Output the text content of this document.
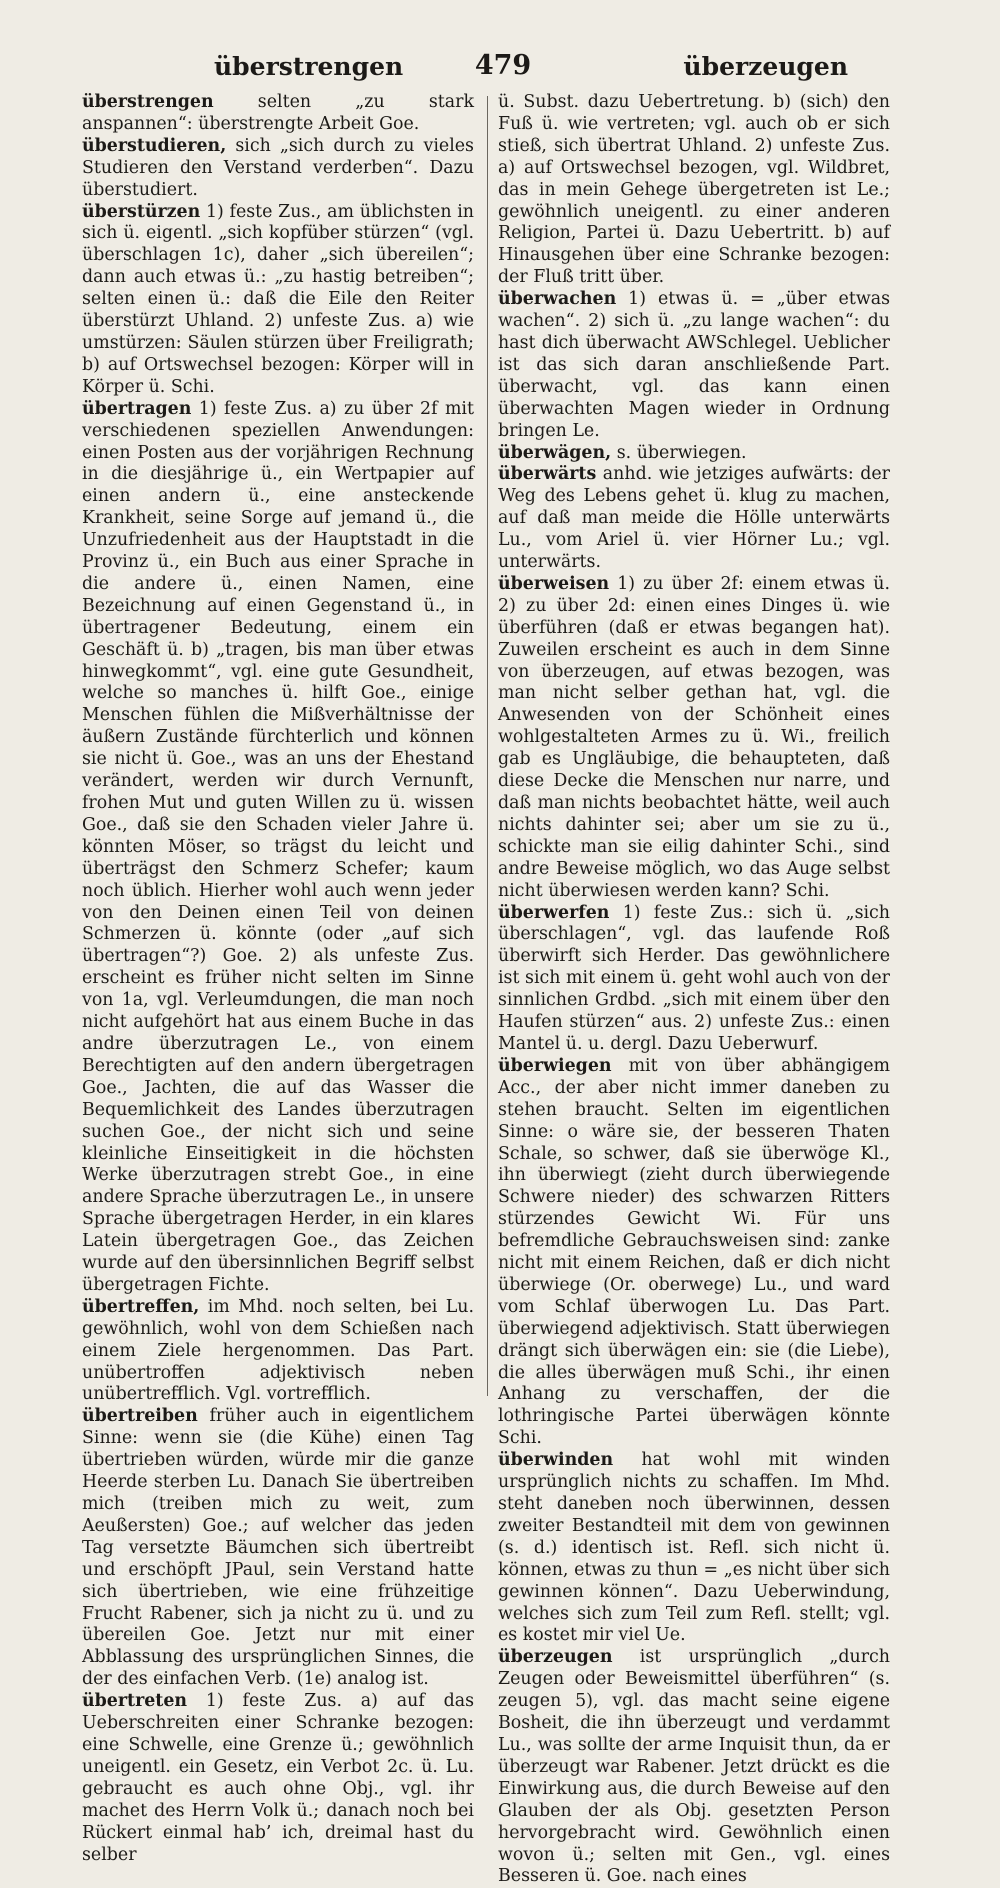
überstrengen	479	überzeugen

überstrengen selten „zu stark anspannen“: überstrengte Arbeit Goe.

überstudieren, sich „sich durch zu vieles Studieren den Verstand verderben“. Dazu überstudiert.

überstürzen 1) feste Zus., am üblichsten in sich ü. eigentl. „sich kopfüber stürzen“ (vgl. überschlagen 1c), daher „sich übereilen“; dann auch etwas ü.: „zu hastig betreiben“; selten einen ü.: daß die Eile den Reiter überstürzt Uhland. 2) unfeste Zus. a) wie umstürzen: Säulen stürzen über Freiligrath; b) auf Ortswechsel bezogen: Körper will in Körper ü. Schi.

übertragen 1) feste Zus. a) zu über 2f mit verschiedenen speziellen Anwendungen: einen Posten aus der vorjährigen Rechnung in die diesjährige ü., ein Wertpapier auf einen andern ü., eine ansteckende Krankheit, seine Sorge auf jemand ü., die Unzufriedenheit aus der Hauptstadt in die Provinz ü., ein Buch aus einer Sprache in die andere ü., einen Namen, eine Bezeichnung auf einen Gegenstand ü., in übertragener Bedeutung, einem ein Geschäft ü. b) „tragen, bis man über etwas hinwegkommt“, vgl. eine gute Gesundheit, welche so manches ü. hilft Goe., einige Menschen fühlen die Mißverhältnisse der äußern Zustände fürchterlich und können sie nicht ü. Goe., was an uns der Ehestand verändert, werden wir durch Vernunft, frohen Mut und guten Willen zu ü. wissen Goe., daß sie den Schaden vieler Jahre ü. könnten Möser, so trägst du leicht und überträgst den Schmerz Schefer; kaum noch üblich. Hierher wohl auch wenn jeder von den Deinen einen Teil von deinen Schmerzen ü. könnte (oder „auf sich übertragen“?) Goe. 2) als unfeste Zus. erscheint es früher nicht selten im Sinne von 1a, vgl. Verleumdungen, die man noch nicht aufgehört hat aus einem Buche in das andre überzutragen Le., von einem Berechtigten auf den andern übergetragen Goe., Jachten, die auf das Wasser die Bequemlichkeit des Landes überzutragen suchen Goe., der nicht sich und seine kleinliche Einseitigkeit in die höchsten Werke überzutragen strebt Goe., in eine andere Sprache überzutragen Le., in unsere Sprache übergetragen Herder, in ein klares Latein übergetragen Goe., das Zeichen wurde auf den übersinnlichen Begriff selbst übergetragen Fichte.

übertreffen, im Mhd. noch selten, bei Lu. gewöhnlich, wohl von dem Schießen nach einem Ziele hergenommen. Das Part. unübertroffen adjektivisch neben unübertrefflich. Vgl. vortrefflich.

übertreiben früher auch in eigentlichem Sinne: wenn sie (die Kühe) einen Tag übertrieben würden, würde mir die ganze Heerde sterben Lu. Danach Sie übertreiben mich (treiben mich zu weit, zum Aeußersten) Goe.; auf welcher das jeden Tag versetzte Bäumchen sich übertreibt und erschöpft JPaul, sein Verstand hatte sich übertrieben, wie eine frühzeitige Frucht Rabener, sich ja nicht zu ü. und zu übereilen Goe. Jetzt nur mit einer Abblassung des ursprünglichen Sinnes, die der des einfachen Verb. (1e) analog ist.

übertreten 1) feste Zus. a) auf das Ueberschreiten einer Schranke bezogen: eine Schwelle, eine Grenze ü.; gewöhnlich uneigentl. ein Gesetz, ein Verbot 2c. ü. Lu. gebraucht es auch ohne Obj., vgl. ihr machet des Herrn Volk ü.; danach noch bei Rückert einmal hab’ ich, dreimal hast du selber

ü. Subst. dazu Uebertretung. b) (sich) den Fuß ü. wie vertreten; vgl. auch ob er sich stieß, sich übertrat Uhland. 2) unfeste Zus. a) auf Ortswechsel bezogen, vgl. Wildbret, das in mein Gehege übergetreten ist Le.; gewöhnlich uneigentl. zu einer anderen Religion, Partei ü. Dazu Uebertritt. b) auf Hinausgehen über eine Schranke bezogen: der Fluß tritt über.

überwachen 1) etwas ü. = „über etwas wachen“. 2) sich ü. „zu lange wachen“: du hast dich überwacht AWSchlegel. Ueblicher ist das sich daran anschließende Part. überwacht, vgl. das kann einen überwachten Magen wieder in Ordnung bringen Le.

überwägen, s. überwiegen.

überwärts anhd. wie jetziges aufwärts: der Weg des Lebens gehet ü. klug zu machen, auf daß man meide die Hölle unterwärts Lu., vom Ariel ü. vier Hörner Lu.; vgl. unterwärts.

überweisen 1) zu über 2f: einem etwas ü. 2) zu über 2d: einen eines Dinges ü. wie überführen (daß er etwas begangen hat). Zuweilen erscheint es auch in dem Sinne von überzeugen, auf etwas bezogen, was man nicht selber gethan hat, vgl. die Anwesenden von der Schönheit eines wohlgestalteten Armes zu ü. Wi., freilich gab es Ungläubige, die behaupteten, daß diese Decke die Menschen nur narre, und daß man nichts beobachtet hätte, weil auch nichts dahinter sei; aber um sie zu ü., schickte man sie eilig dahinter Schi., sind andre Beweise möglich, wo das Auge selbst nicht überwiesen werden kann? Schi.

überwerfen 1) feste Zus.: sich ü. „sich überschlagen“, vgl. das laufende Roß überwirft sich Herder. Das gewöhnlichere ist sich mit einem ü. geht wohl auch von der sinnlichen Grdbd. „sich mit einem über den Haufen stürzen“ aus. 2) unfeste Zus.: einen Mantel ü. u. dergl. Dazu Ueberwurf.

überwiegen mit von über abhängigem Acc., der aber nicht immer daneben zu stehen braucht. Selten im eigentlichen Sinne: o wäre sie, der besseren Thaten Schale, so schwer, daß sie überwöge Kl., ihn überwiegt (zieht durch überwiegende Schwere nieder) des schwarzen Ritters stürzendes Gewicht Wi. Für uns befremdliche Gebrauchsweisen sind: zanke nicht mit einem Reichen, daß er dich nicht überwiege (Or. oberwege) Lu., und ward vom Schlaf überwogen Lu. Das Part. überwiegend adjektivisch. Statt überwiegen drängt sich überwägen ein: sie (die Liebe), die alles überwägen muß Schi., ihr einen Anhang zu verschaffen, der die lothringische Partei überwägen könnte Schi.

überwinden hat wohl mit winden ursprünglich nichts zu schaffen. Im Mhd. steht daneben noch überwinnen, dessen zweiter Bestandteil mit dem von gewinnen (s. d.) identisch ist. Refl. sich nicht ü. können, etwas zu thun = „es nicht über sich gewinnen können“. Dazu Ueberwindung, welches sich zum Teil zum Refl. stellt; vgl. es kostet mir viel Ue.

überzeugen ist ursprünglich „durch Zeugen oder Beweismittel überführen“ (s. zeugen 5), vgl. das macht seine eigene Bosheit, die ihn überzeugt und verdammt Lu., was sollte der arme Inquisit thun, da er überzeugt war Rabener. Jetzt drückt es die Einwirkung aus, die durch Beweise auf den Glauben der als Obj. gesetzten Person hervorgebracht wird. Gewöhnlich einen wovon ü.; selten mit Gen., vgl. eines Besseren ü. Goe. nach eines
